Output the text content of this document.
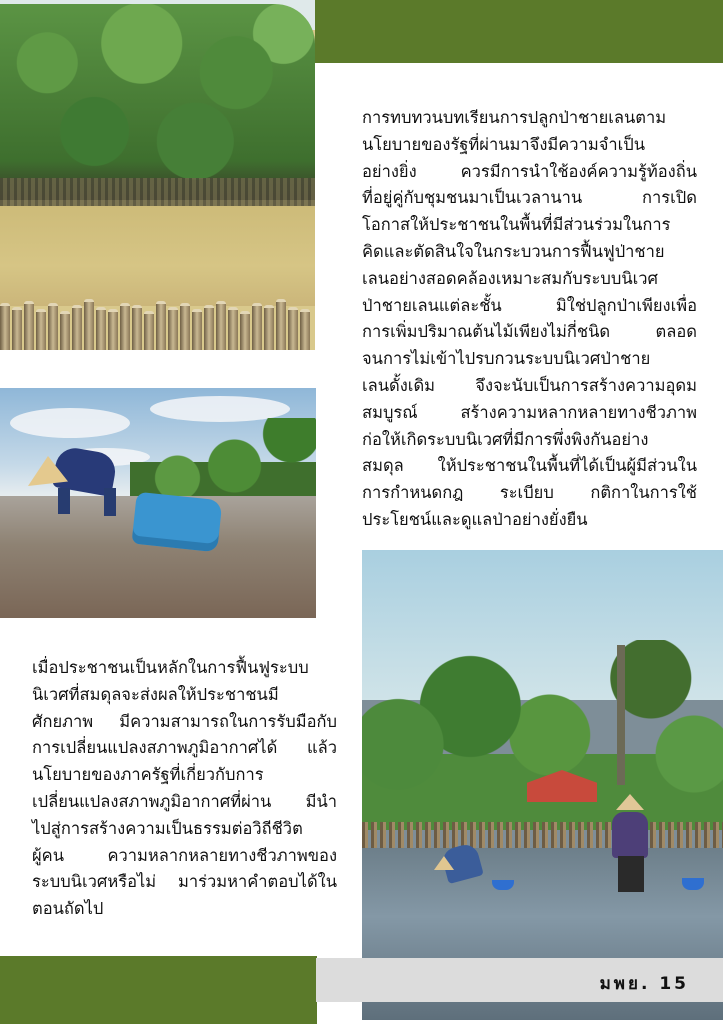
การทบทวนบทเรียนการปลูกป่าชายเลนตาม
นโยบายของรัฐที่ผ่านมาจึงมีความจำเป็น
อย่างยิ่ง ควรมีการนำใช้องค์ความรู้ท้องถิ่น
ที่อยู่คู่กับชุมชนมาเป็นเวลานาน การเปิด
โอกาสให้ประชาชนในพื้นที่มีส่วนร่วมในการ
คิดและตัดสินใจในกระบวนการฟื้นฟูป่าชาย
เลนอย่างสอดคล้องเหมาะสมกับระบบนิเวศ
ป่าชายเลนแต่ละชั้น มิใช่ปลูกป่าเพียงเพื่อ
การเพิ่มปริมาณต้นไม้เพียงไม่กี่ชนิด ตลอด
จนการไม่เข้าไปรบกวนระบบนิเวศป่าชาย
เลนดั้งเดิม จึงจะนับเป็นการสร้างความอุดม
สมบูรณ์ สร้างความหลากหลายทางชีวภาพ
ก่อให้เกิดระบบนิเวศที่มีการพึ่งพิงกันอย่าง
สมดุล ให้ประชาชนในพื้นที่ได้เป็นผู้มีส่วนใน
การกำหนดกฎ ระเบียบ กติกาในการใช้
ประโยชน์และดูแลป่าอย่างยั่งยืน
เมื่อประชาชนเป็นหลักในการฟื้นฟูระบบ
นิเวศที่สมดุลจะส่งผลให้ประชาชนมี
ศักยภาพ มีความสามารถในการรับมือกับ
การเปลี่ยนแปลงสภาพภูมิอากาศได้ แล้ว
นโยบายของภาครัฐที่เกี่ยวกับการ
เปลี่ยนแปลงสภาพภูมิอากาศที่ผ่าน มีนำ
ไปสู่การสร้างความเป็นธรรมต่อวิถีชีวิต
ผู้คน ความหลากหลายทางชีวภาพของ
ระบบนิเวศหรือไม่ มาร่วมหาคำตอบได้ใน
ตอนถัดไป
มพย. 15
